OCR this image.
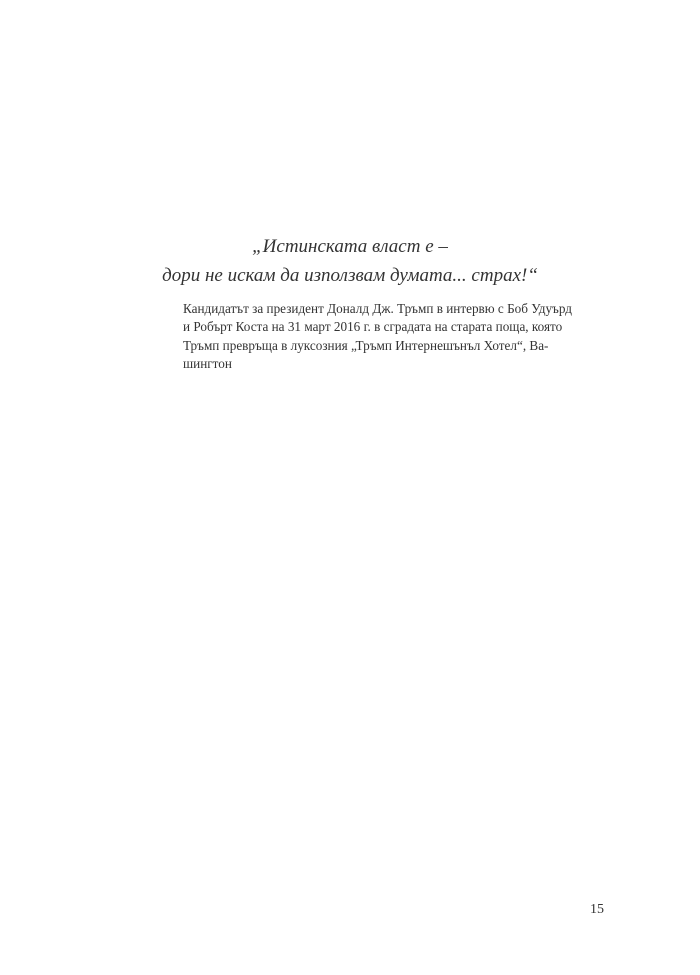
„Истинската власт е –
дори не искам да използвам думата... страх!“
Кандидатът за президент Доналд Дж. Тръмп в интервю с Боб Удуърд
и Робърт Коста на 31 март 2016 г. в сградата на старата поща, която
Тръмп превръща в луксозния „Тръмп Интернешънъл Хотел“, Ва-
шингтон
15
